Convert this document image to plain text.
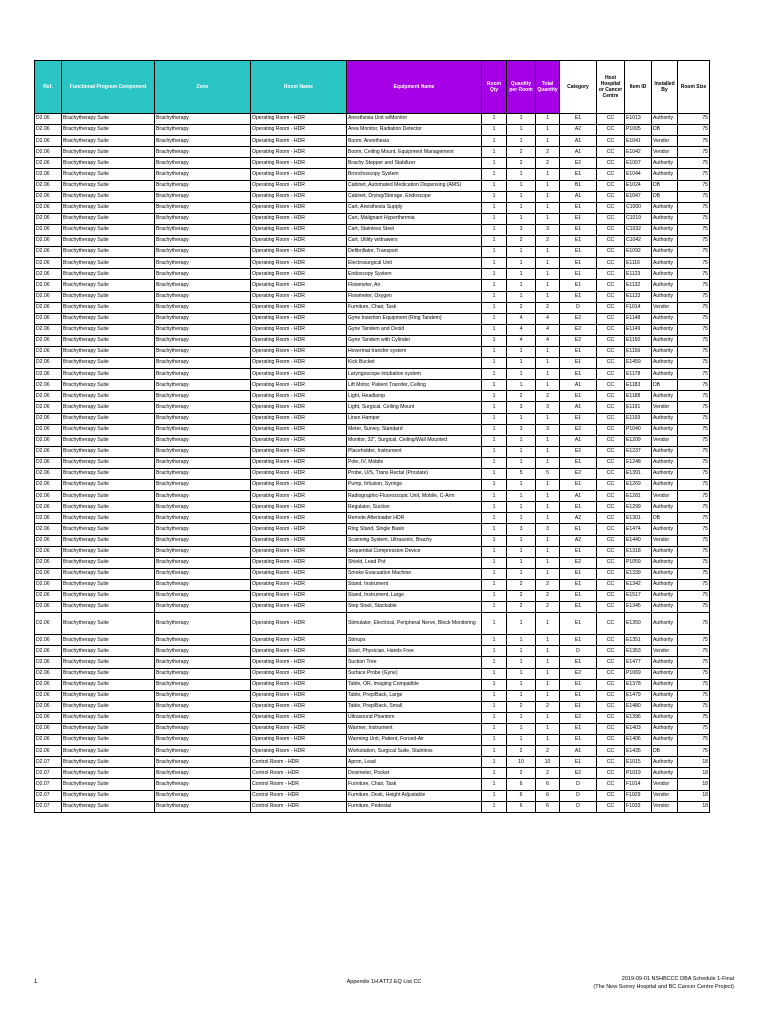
Ref.	Functional Program Component	Zone	Room Name	Equipment Name	Room Qty	Quantity per Room	Total Quantity	Category	Host Hospital or Cancer Centre	Item ID	Installed By	Room Size
D2.06	Brachytherapy Suite	Brachytherapy	Operating Room - HDR	Anesthesia Unit w/Monitor	1	1	1	E1	CC	E1013	Authority	75
D2.06	Brachytherapy Suite	Brachytherapy	Operating Room - HDR	Area Monitor, Radiation Detector	1	1	1	A2	CC	P1005	DB	75
D2.06	Brachytherapy Suite	Brachytherapy	Operating Room - HDR	Boom, Anesthesia	1	1	1	A1	CC	E1041	Vendor	75
D2.06	Brachytherapy Suite	Brachytherapy	Operating Room - HDR	Boom, Ceiling Mount, Equipment Management	1	2	2	A1	CC	E1042	Vendor	75
D2.06	Brachytherapy Suite	Brachytherapy	Operating Room - HDR	Brachy Stepper and Stabilizer	1	2	2	E2	CC	E1007	Authority	75
D2.06	Brachytherapy Suite	Brachytherapy	Operating Room - HDR	Bronchoscopy System	1	1	1	E1	CC	E1044	Authority	75
D2.06	Brachytherapy Suite	Brachytherapy	Operating Room - HDR	Cabinet, Automated Medication Dispensing (AMS)	1	1	1	B1	CC	E1024	DB	75
D2.06	Brachytherapy Suite	Brachytherapy	Operating Room - HDR	Cabinet, Drying/Storage, Endoscope	1	1	1	A1	CC	E1047	DB	75
D2.06	Brachytherapy Suite	Brachytherapy	Operating Room - HDR	Cart, Anesthesia Supply	1	1	1	E1	CC	C1000	Authority	75
D2.06	Brachytherapy Suite	Brachytherapy	Operating Room - HDR	Cart, Malignant Hyperthermia	1	1	1	E1	CC	C1019	Authority	75
D2.06	Brachytherapy Suite	Brachytherapy	Operating Room - HDR	Cart, Stainless Steel	1	3	3	E1	CC	C1032	Authority	75
D2.06	Brachytherapy Suite	Brachytherapy	Operating Room - HDR	Cart, Utility w/drawers	1	2	2	E1	CC	C1042	Authority	75
D2.06	Brachytherapy Suite	Brachytherapy	Operating Room - HDR	Defibrillator, Transport	1	1	1	E1	CC	E1092	Authority	75
D2.06	Brachytherapy Suite	Brachytherapy	Operating Room - HDR	Electrosurgical Unit	1	1	1	E1	CC	E1116	Authority	75
D2.06	Brachytherapy Suite	Brachytherapy	Operating Room - HDR	Endoscopy System	1	1	1	E1	CC	E1123	Authority	75
D2.06	Brachytherapy Suite	Brachytherapy	Operating Room - HDR	Flowmeter, Air	1	1	1	E1	CC	E1132	Authority	75
D2.06	Brachytherapy Suite	Brachytherapy	Operating Room - HDR	Flowmeter, Oxygen	1	1	1	E1	CC	E1133	Authority	75
D2.06	Brachytherapy Suite	Brachytherapy	Operating Room - HDR	Furniture, Chair, Task	1	2	2	D	CC	F1014	Vendor	75
D2.06	Brachytherapy Suite	Brachytherapy	Operating Room - HDR	Gyne Insertion Equipment (Ring Tandem)	1	4	4	E2	CC	E1148	Authority	75
D2.06	Brachytherapy Suite	Brachytherapy	Operating Room - HDR	Gyne Tandem and Ovoid	1	4	4	E2	CC	E1149	Authority	75
D2.06	Brachytherapy Suite	Brachytherapy	Operating Room - HDR	Gyne Tandem with Cylinder	1	4	4	E2	CC	E1150	Authority	75
D2.06	Brachytherapy Suite	Brachytherapy	Operating Room - HDR	Hovermat transfer system	1	1	1	E1	CC	E1156	Authority	75
D2.06	Brachytherapy Suite	Brachytherapy	Operating Room - HDR	Kick Bucket	1	1	1	E1	CC	E1459	Authority	75
D2.06	Brachytherapy Suite	Brachytherapy	Operating Room - HDR	Laryngoscope intubation system	1	1	1	E1	CC	E1178	Authority	75
D2.06	Brachytherapy Suite	Brachytherapy	Operating Room - HDR	Lift Motor, Patient Transfer, Ceiling	1	1	1	A1	CC	E1183	DB	75
D2.06	Brachytherapy Suite	Brachytherapy	Operating Room - HDR	Light, Headlamp	1	2	2	E1	CC	E1188	Authority	75
D2.06	Brachytherapy Suite	Brachytherapy	Operating Room - HDR	Light, Surgical, Ceiling Mount	1	3	3	A1	CC	E1191	Vendor	75
D2.06	Brachytherapy Suite	Brachytherapy	Operating Room - HDR	Linen Hamper	1	1	1	E1	CC	E1193	Authority	75
D2.06	Brachytherapy Suite	Brachytherapy	Operating Room - HDR	Meter, Survey, Standard	1	3	3	E2	CC	P1040	Authority	75
D2.06	Brachytherapy Suite	Brachytherapy	Operating Room - HDR	Monitor, 32", Surgical, Ceiling/Wall Mounted	1	1	1	A1	CC	E1209	Vendor	75
D2.06	Brachytherapy Suite	Brachytherapy	Operating Room - HDR	Placeholder, Instrument	1	1	1	E2	CC	E1237	Authority	75
D2.06	Brachytherapy Suite	Brachytherapy	Operating Room - HDR	Pole, IV, Mobile	1	1	1	E1	CC	E1248	Authority	75
D2.06	Brachytherapy Suite	Brachytherapy	Operating Room - HDR	Probe, U/S, Trans Rectal (Prostate)	1	5	5	E2	CC	E1391	Authority	75
D2.06	Brachytherapy Suite	Brachytherapy	Operating Room - HDR	Pump, Infusion, Syringe	1	1	1	E1	CC	E1269	Authority	75
D2.06	Brachytherapy Suite	Brachytherapy	Operating Room - HDR	Radiographic-Fluoroscopic Unit, Mobile, C-Arm	1	1	1	A1	CC	E1281	Vendor	75
D2.06	Brachytherapy Suite	Brachytherapy	Operating Room - HDR	Regulator, Suction	1	1	1	E1	CC	E1299	Authority	75
D2.06	Brachytherapy Suite	Brachytherapy	Operating Room - HDR	Remote Afterloader HDR	1	1	1	A2	CC	E1301	DB	75
D2.06	Brachytherapy Suite	Brachytherapy	Operating Room - HDR	Ring Stand, Single Basin	1	3	3	E1	CC	E1474	Authority	75
D2.06	Brachytherapy Suite	Brachytherapy	Operating Room - HDR	Scanning System, Ultrasonic, Brachy	1	1	1	A2	CC	E1440	Vendor	75
D2.06	Brachytherapy Suite	Brachytherapy	Operating Room - HDR	Sequential Compression Device	1	1	1	E1	CC	E1318	Authority	75
D2.06	Brachytherapy Suite	Brachytherapy	Operating Room - HDR	Shield, Lead Pot	1	1	1	E2	CC	P1059	Authority	75
D2.06	Brachytherapy Suite	Brachytherapy	Operating Room - HDR	Smoke Evacuation Machine	1	1	1	E1	CC	E1339	Authority	75
D2.06	Brachytherapy Suite	Brachytherapy	Operating Room - HDR	Stand, Instrument	1	2	2	E1	CC	E1342	Authority	75
D2.06	Brachytherapy Suite	Brachytherapy	Operating Room - HDR	Stand, Instrument, Large	1	2	2	E1	CC	E1517	Authority	75
D2.06	Brachytherapy Suite	Brachytherapy	Operating Room - HDR	Step Stool, Stackable	1	2	2	E1	CC	E1345	Authority	75
D2.06	Brachytherapy Suite	Brachytherapy	Operating Room - HDR	Stimulator, Electrical, Peripheral Nerve, Block Monitoring	1	1	1	E1	CC	E1350	Authority	75
D2.06	Brachytherapy Suite	Brachytherapy	Operating Room - HDR	Stirrups	1	1	1	E1	CC	E1351	Authority	75
D2.06	Brachytherapy Suite	Brachytherapy	Operating Room - HDR	Stool, Physician, Hands Free	1	1	1	D	CC	E1353	Vendor	75
D2.06	Brachytherapy Suite	Brachytherapy	Operating Room - HDR	Suction Tree	1	1	1	E1	CC	E1477	Authority	75
D2.06	Brachytherapy Suite	Brachytherapy	Operating Room - HDR	Surface Probe (Gyne)	1	1	1	E2	CC	P1069	Authority	75
D2.06	Brachytherapy Suite	Brachytherapy	Operating Room - HDR	Table, OR, Imaging Compatible	1	1	1	E1	CC	E1378	Authority	75
D2.06	Brachytherapy Suite	Brachytherapy	Operating Room - HDR	Table, Prep/Back, Large	1	1	1	E1	CC	E1479	Authority	75
D2.06	Brachytherapy Suite	Brachytherapy	Operating Room - HDR	Table, Prep/Back, Small	1	2	2	E1	CC	E1480	Authority	75
D2.06	Brachytherapy Suite	Brachytherapy	Operating Room - HDR	Ultrasound Phantom	1	1	1	E2	CC	E1396	Authority	75
D2.06	Brachytherapy Suite	Brachytherapy	Operating Room - HDR	Warmer, Instrument	1	1	1	E1	CC	E1403	Authority	75
D2.06	Brachytherapy Suite	Brachytherapy	Operating Room - HDR	Warming Unit, Patient, Forced-Air	1	1	1	E1	CC	E1406	Authority	75
D2.06	Brachytherapy Suite	Brachytherapy	Operating Room - HDR	Workstation, Surgical Suite, Stainless	1	2	2	A1	CC	E1435	DB	75
D2.07	Brachytherapy Suite	Brachytherapy	Control Room - HDR	Apron, Lead	1	10	10	E1	CC	E1015	Authority	18
D2.07	Brachytherapy Suite	Brachytherapy	Control Room - HDR	Dosimeter, Pocket	1	2	2	E2	CC	P1019	Authority	18
D2.07	Brachytherapy Suite	Brachytherapy	Control Room - HDR	Furniture, Chair, Task	1	6	6	D	CC	F1014	Vendor	18
D2.07	Brachytherapy Suite	Brachytherapy	Control Room - HDR	Furniture, Desk, Height Adjustable	1	6	6	D	CC	F1029	Vendor	18
D2.07	Brachytherapy Suite	Brachytherapy	Control Room - HDR	Furniture, Pedestal	1	6	6	D	CC	F1033	Vendor	18
1	Appendix 1H ATT2 EQ List CC	2019-09-01 NSHBCCC DBA Schedule 1-Final
(The New Surrey Hospital and BC Cancer Centre Project)
